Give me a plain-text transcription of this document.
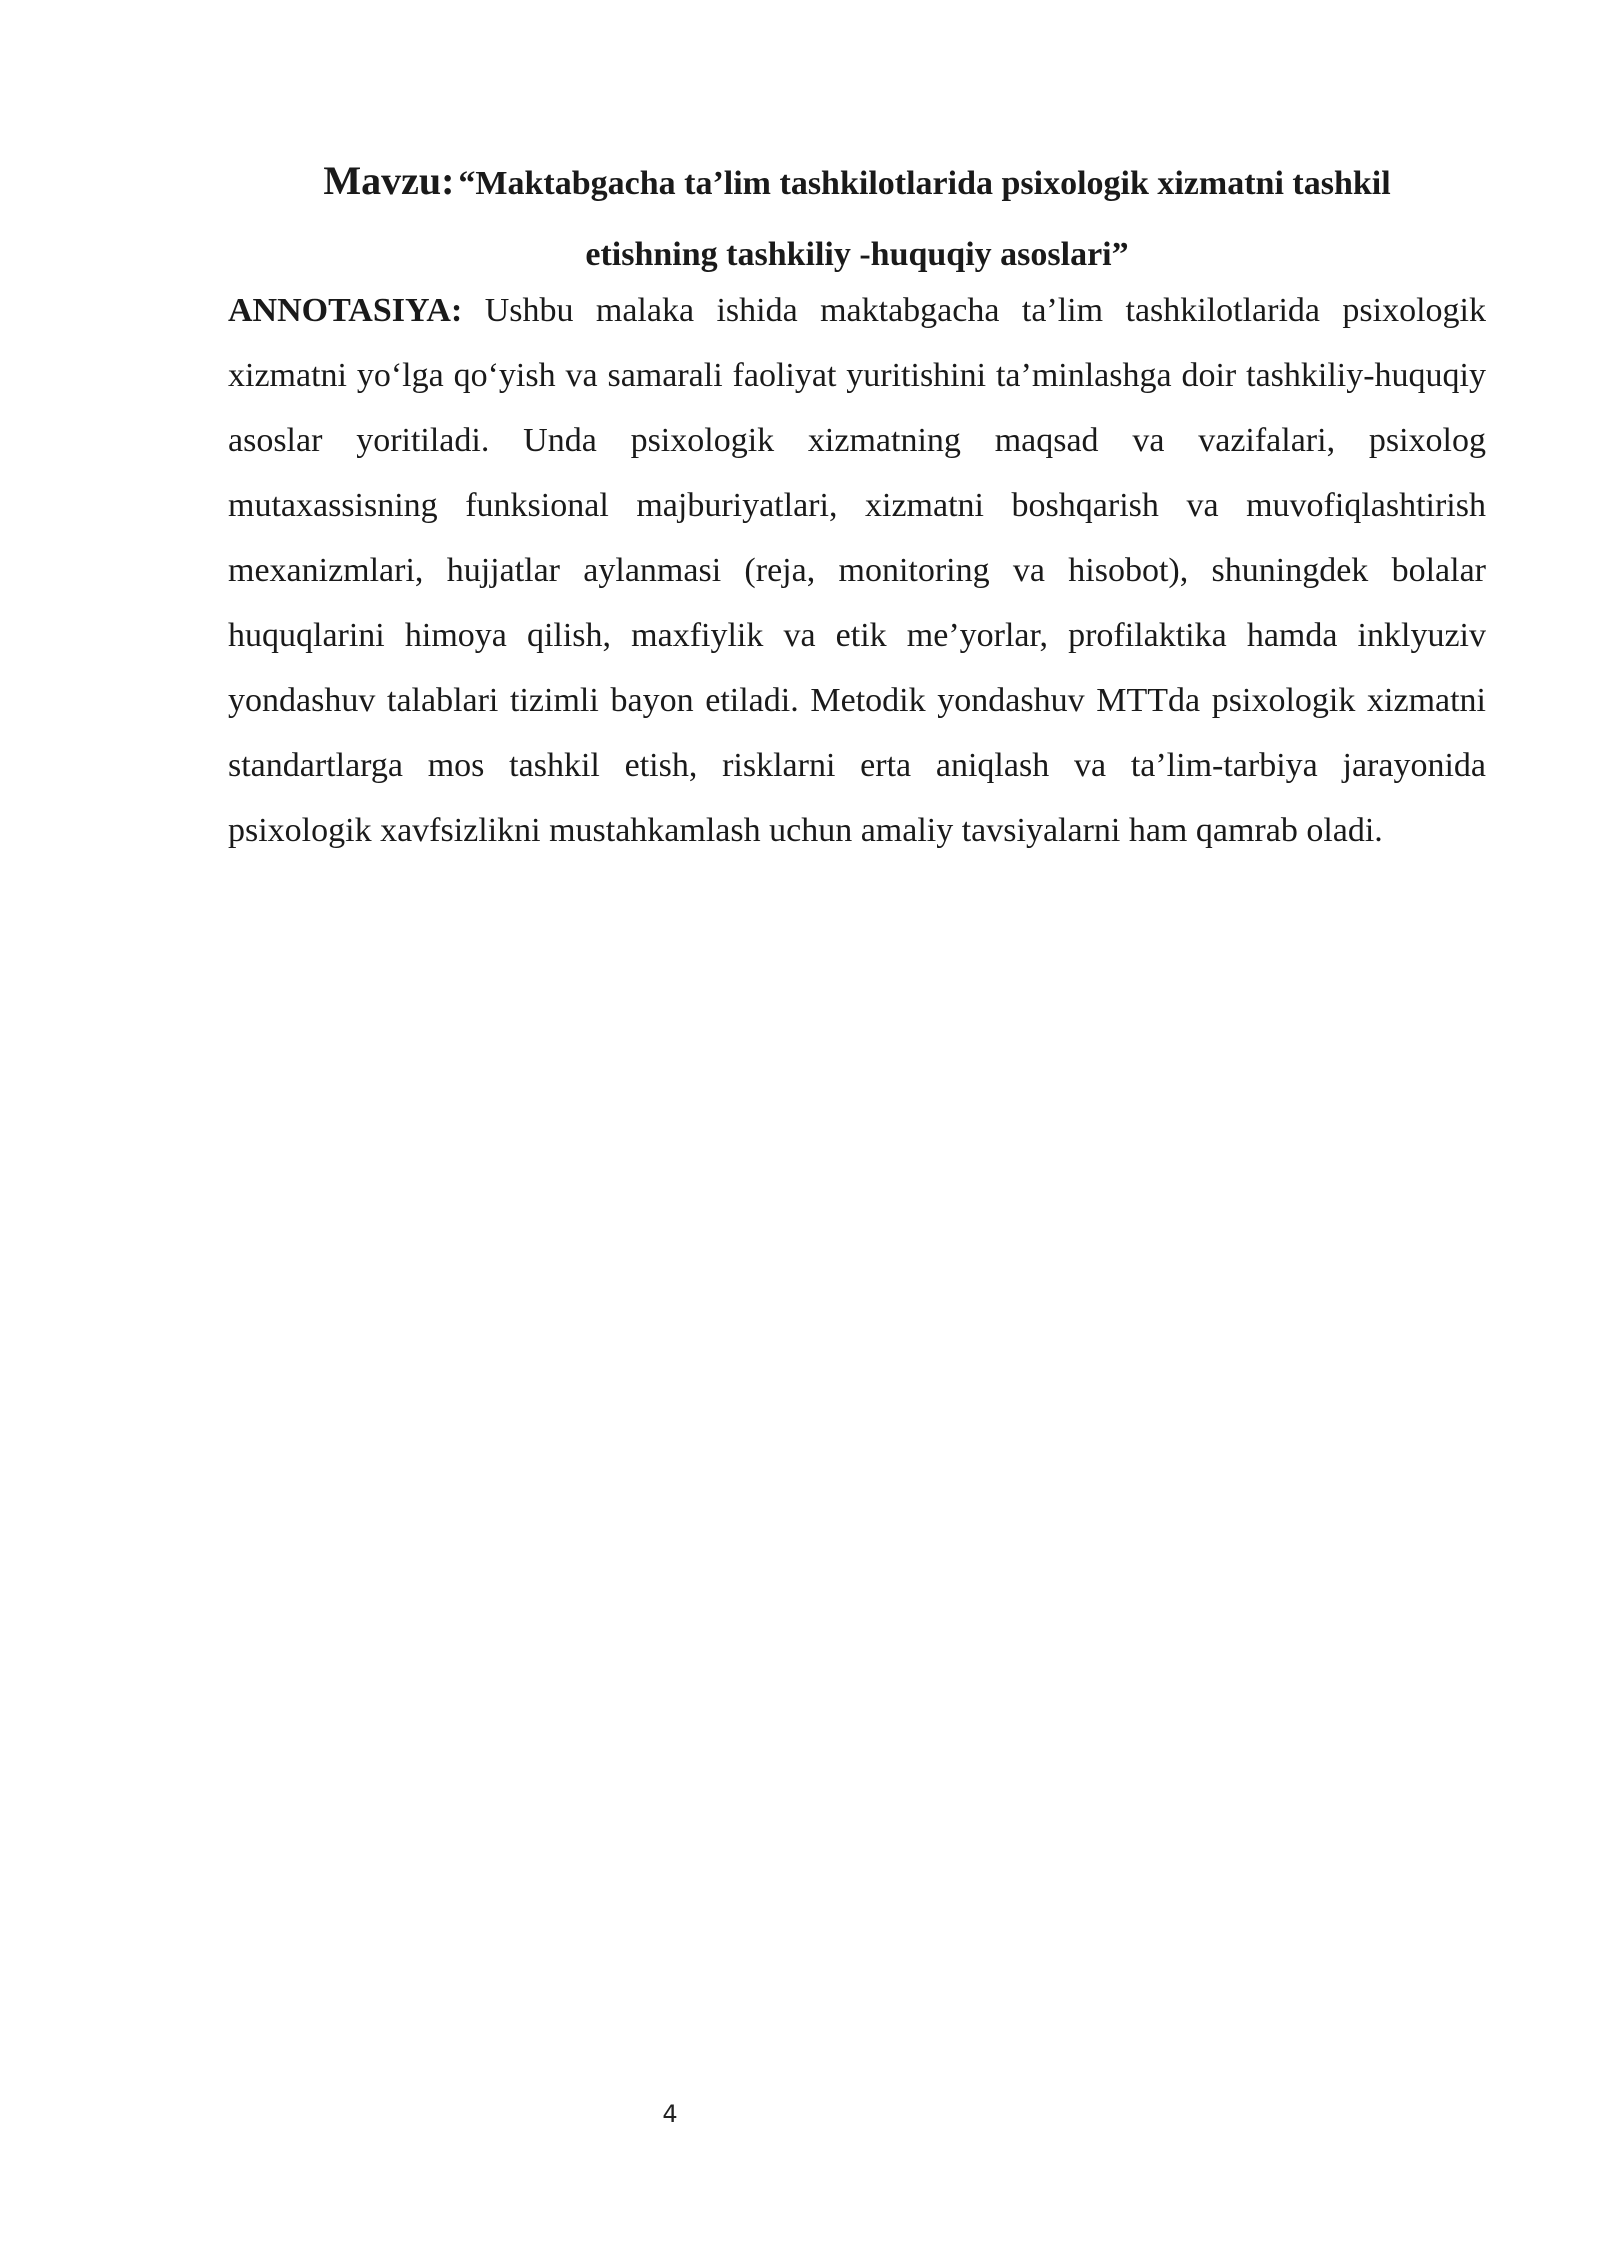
Mavzu: “Maktabgacha ta’lim tashkilotlarida psixologik xizmatni tashkil
etishning tashkiliy -huquqiy asoslari”

ANNOTASIYA: Ushbu malaka ishida maktabgacha ta’lim tashkilotlarida psixologik xizmatni yo‘lga qo‘yish va samarali faoliyat yuritishini ta’minlashga doir tashkiliy-huquqiy asoslar yoritiladi. Unda psixologik xizmatning maqsad va vazifalari, psixolog mutaxassisning funksional majburiyatlari, xizmatni boshqarish va muvofiqlashtirish mexanizmlari, hujjatlar aylanmasi (reja, monitoring va hisobot), shuningdek bolalar huquqlarini himoya qilish, maxfiylik va etik me’yorlar, profilaktika hamda inklyuziv yondashuv talablari tizimli bayon etiladi. Metodik yondashuv MTTda psixologik xizmatni standartlarga mos tashkil etish, risklarni erta aniqlash va ta’lim-tarbiya jarayonida psixologik xavfsizlikni mustahkamlash uchun amaliy tavsiyalarni ham qamrab oladi.

4
